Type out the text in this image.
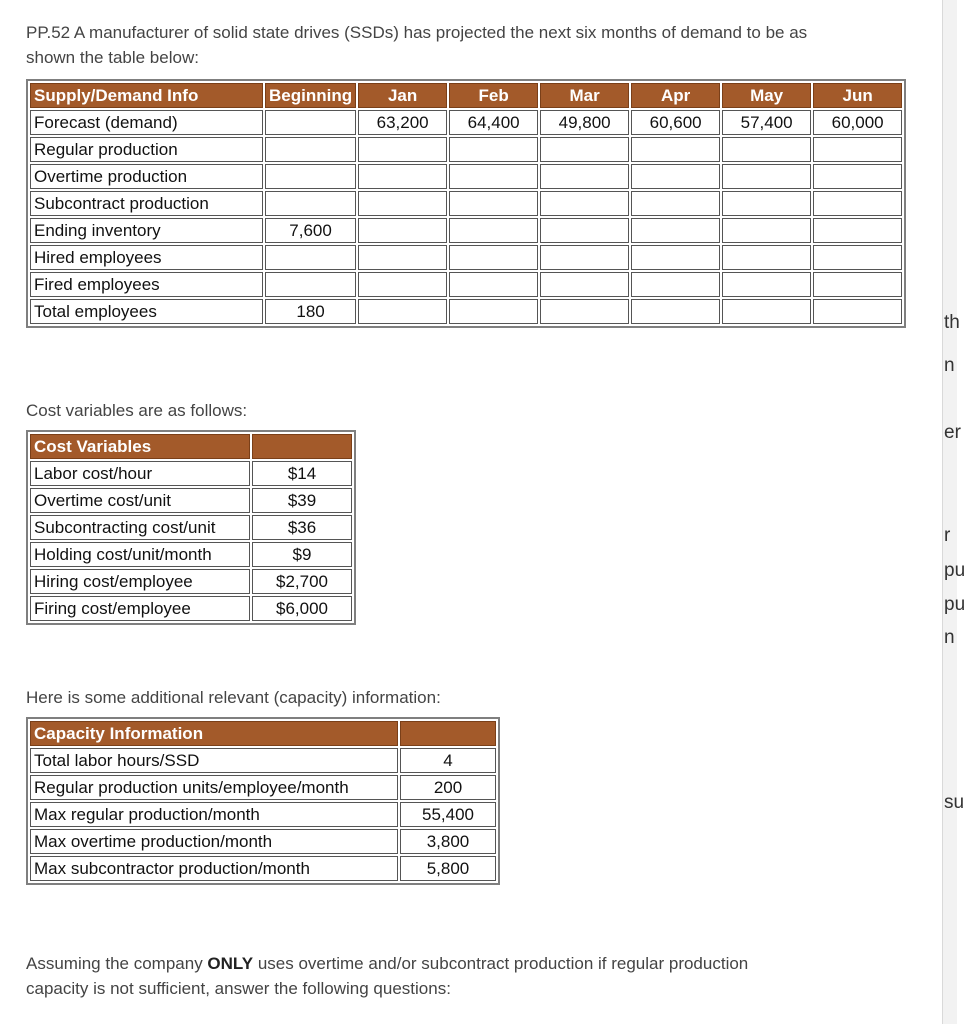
PP.52 A manufacturer of solid state drives (SSDs) has projected the next six months of demand to be as
shown the table below:
Supply/Demand Info	Beginning	Jan	Feb	Mar	Apr	May	Jun
Forecast (demand)		63,200	64,400	49,800	60,600	57,400	60,000
Regular production							
Overtime production							
Subcontract production							
Ending inventory	7,600						
Hired employees							
Fired employees							
Total employees	180						
Cost variables are as follows:
Cost Variables	
Labor cost/hour	$14
Overtime cost/unit	$39
Subcontracting cost/unit	$36
Holding cost/unit/month	$9
Hiring cost/employee	$2,700
Firing cost/employee	$6,000
Here is some additional relevant (capacity) information:
Capacity Information	
Total labor hours/SSD	4
Regular production units/employee/month	200
Max regular production/month	55,400
Max overtime production/month	3,800
Max subcontractor production/month	5,800
Assuming the company ONLY uses overtime and/or subcontract production if regular production
capacity is not sufficient, answer the following questions:
th
n
er
r
pu
pu
n
su
